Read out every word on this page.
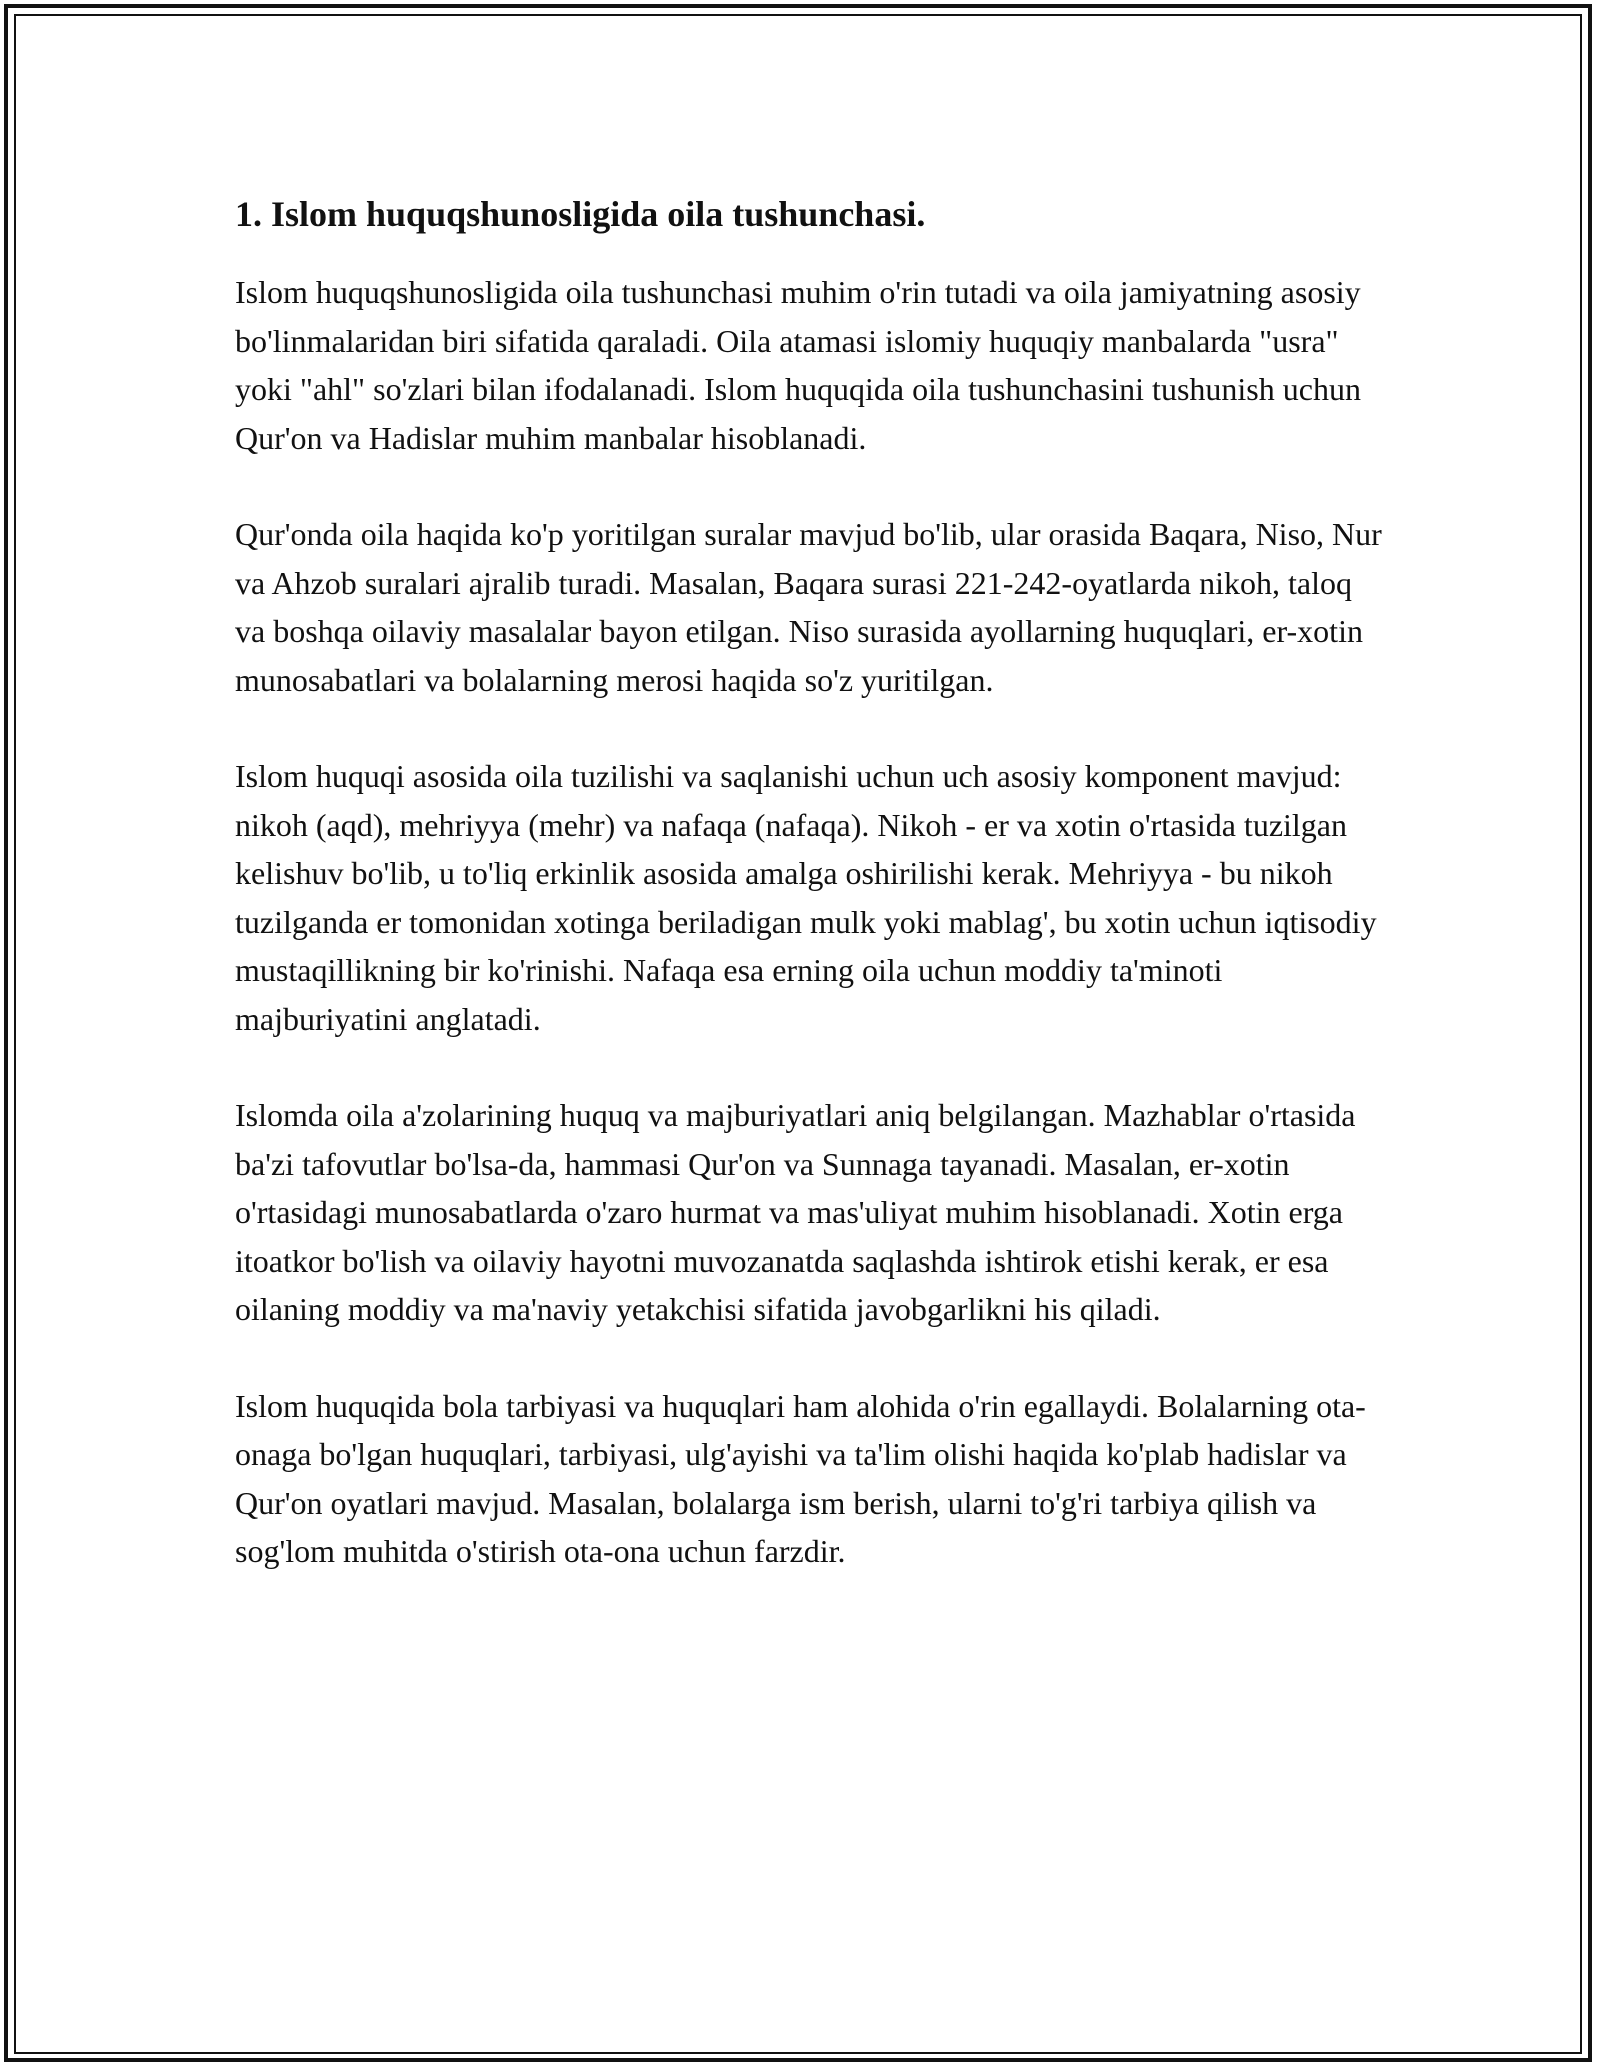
1. Islom huquqshunosligida oila tushunchasi.

Islom huquqshunosligida oila tushunchasi muhim o'rin tutadi va oila jamiyatning asosiy bo'linmalaridan biri sifatida qaraladi. Oila atamasi islomiy huquqiy manbalarda "usra" yoki "ahl" so'zlari bilan ifodalanadi. Islom huquqida oila tushunchasini tushunish uchun Qur'on va Hadislar muhim manbalar hisoblanadi.

Qur'onda oila haqida ko'p yoritilgan suralar mavjud bo'lib, ular orasida Baqara, Niso, Nur va Ahzob suralari ajralib turadi. Masalan, Baqara surasi 221-242-oyatlarda nikoh, taloq va boshqa oilaviy masalalar bayon etilgan. Niso surasida ayollarning huquqlari, er-xotin munosabatlari va bolalarning merosi haqida so'z yuritilgan.

Islom huquqi asosida oila tuzilishi va saqlanishi uchun uch asosiy komponent mavjud: nikoh (aqd), mehriyya (mehr) va nafaqa (nafaqa). Nikoh - er va xotin o'rtasida tuzilgan kelishuv bo'lib, u to'liq erkinlik asosida amalga oshirilishi kerak. Mehriyya - bu nikoh tuzilganda er tomonidan xotinga beriladigan mulk yoki mablag', bu xotin uchun iqtisodiy mustaqillikning bir ko'rinishi. Nafaqa esa erning oila uchun moddiy ta'minoti majburiyatini anglatadi.

Islomda oila a'zolarining huquq va majburiyatlari aniq belgilangan. Mazhablar o'rtasida ba'zi tafovutlar bo'lsa-da, hammasi Qur'on va Sunnaga tayanadi. Masalan, er-xotin o'rtasidagi munosabatlarda o'zaro hurmat va mas'uliyat muhim hisoblanadi. Xotin erga itoatkor bo'lish va oilaviy hayotni muvozanatda saqlashda ishtirok etishi kerak, er esa oilaning moddiy va ma'naviy yetakchisi sifatida javobgarlikni his qiladi.

Islom huquqida bola tarbiyasi va huquqlari ham alohida o'rin egallaydi. Bolalarning ota-onaga bo'lgan huquqlari, tarbiyasi, ulg'ayishi va ta'lim olishi haqida ko'plab hadislar va Qur'on oyatlari mavjud. Masalan, bolalarga ism berish, ularni to'g'ri tarbiya qilish va sog'lom muhitda o'stirish ota-ona uchun farzdir.
